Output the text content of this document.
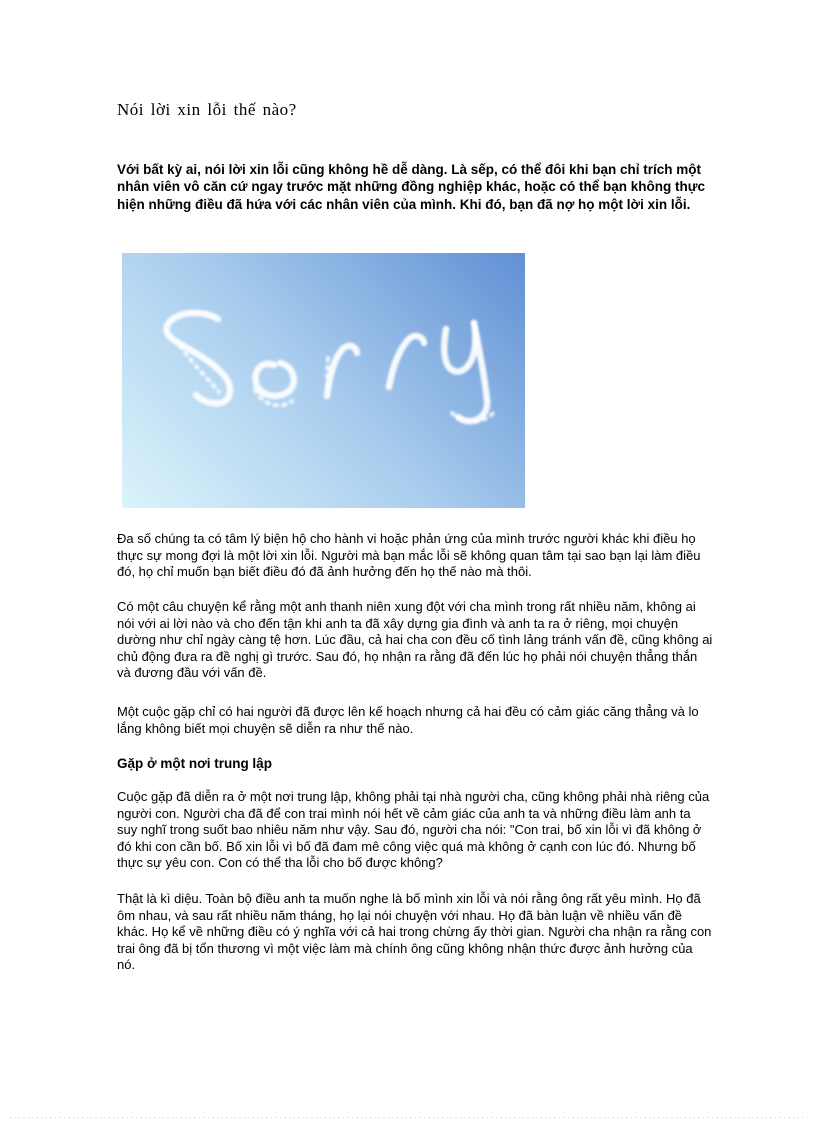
Nói lời xin lỗi thế nào?

Với bất kỳ ai, nói lời xin lỗi cũng không hề dễ dàng. Là sếp, có thể đôi khi bạn chỉ trích một nhân viên vô căn cứ ngay trước mặt những đồng nghiệp khác, hoặc có thể bạn không thực hiện những điều đã hứa với các nhân viên của mình. Khi đó, bạn đã nợ họ một lời xin lỗi.

Đa số chúng ta có tâm lý biện hộ cho hành vi hoặc phản ứng của mình trước người khác khi điều họ thực sự mong đợi là một lời xin lỗi. Người mà bạn mắc lỗi sẽ không quan tâm tại sao bạn lại làm điều đó, họ chỉ muốn bạn biết điều đó đã ảnh hưởng đến họ thế nào mà thôi.

Có một câu chuyện kể rằng một anh thanh niên xung đột với cha mình trong rất nhiều năm, không ai nói với ai lời nào và cho đến tận khi anh ta đã xây dựng gia đình và anh ta ra ở riêng, mọi chuyện dường như chỉ ngày càng tệ hơn. Lúc đầu, cả hai cha con đều cố tình lảng tránh vấn đề, cũng không ai chủ động đưa ra đề nghị gì trước. Sau đó, họ nhận ra rằng đã đến lúc họ phải nói chuyện thẳng thắn và đương đầu với vấn đề.

Một cuộc gặp chỉ có hai người đã được lên kế hoạch nhưng cả hai đều có cảm giác căng thẳng và lo lắng không biết mọi chuyện sẽ diễn ra như thế nào.

Gặp ở một nơi trung lập

Cuộc gặp đã diễn ra ở một nơi trung lập, không phải tại nhà người cha, cũng không phải nhà riêng của người con. Người cha đã để con trai mình nói hết về cảm giác của anh ta và những điều làm anh ta suy nghĩ trong suốt bao nhiêu năm như vậy. Sau đó, người cha nói: "Con trai, bố xin lỗi vì đã không ở đó khi con cần bố. Bố xin lỗi vì bố đã đam mê công việc quá mà không ở cạnh con lúc đó. Nhưng bố thực sự yêu con. Con có thể tha lỗi cho bố được không?

Thật là kì diệu. Toàn bộ điều anh ta muốn nghe là bố mình xin lỗi và nói rằng ông rất yêu mình. Họ đã ôm nhau, và sau rất nhiều năm tháng, họ lại nói chuyện với nhau. Họ đã bàn luận về nhiều vấn đề khác. Họ kể về những điều có ý nghĩa với cả hai trong chừng ấy thời gian. Người cha nhận ra rằng con trai ông đã bị tổn thương vì một việc làm mà chính ông cũng không nhận thức được ảnh hưởng của nó.
